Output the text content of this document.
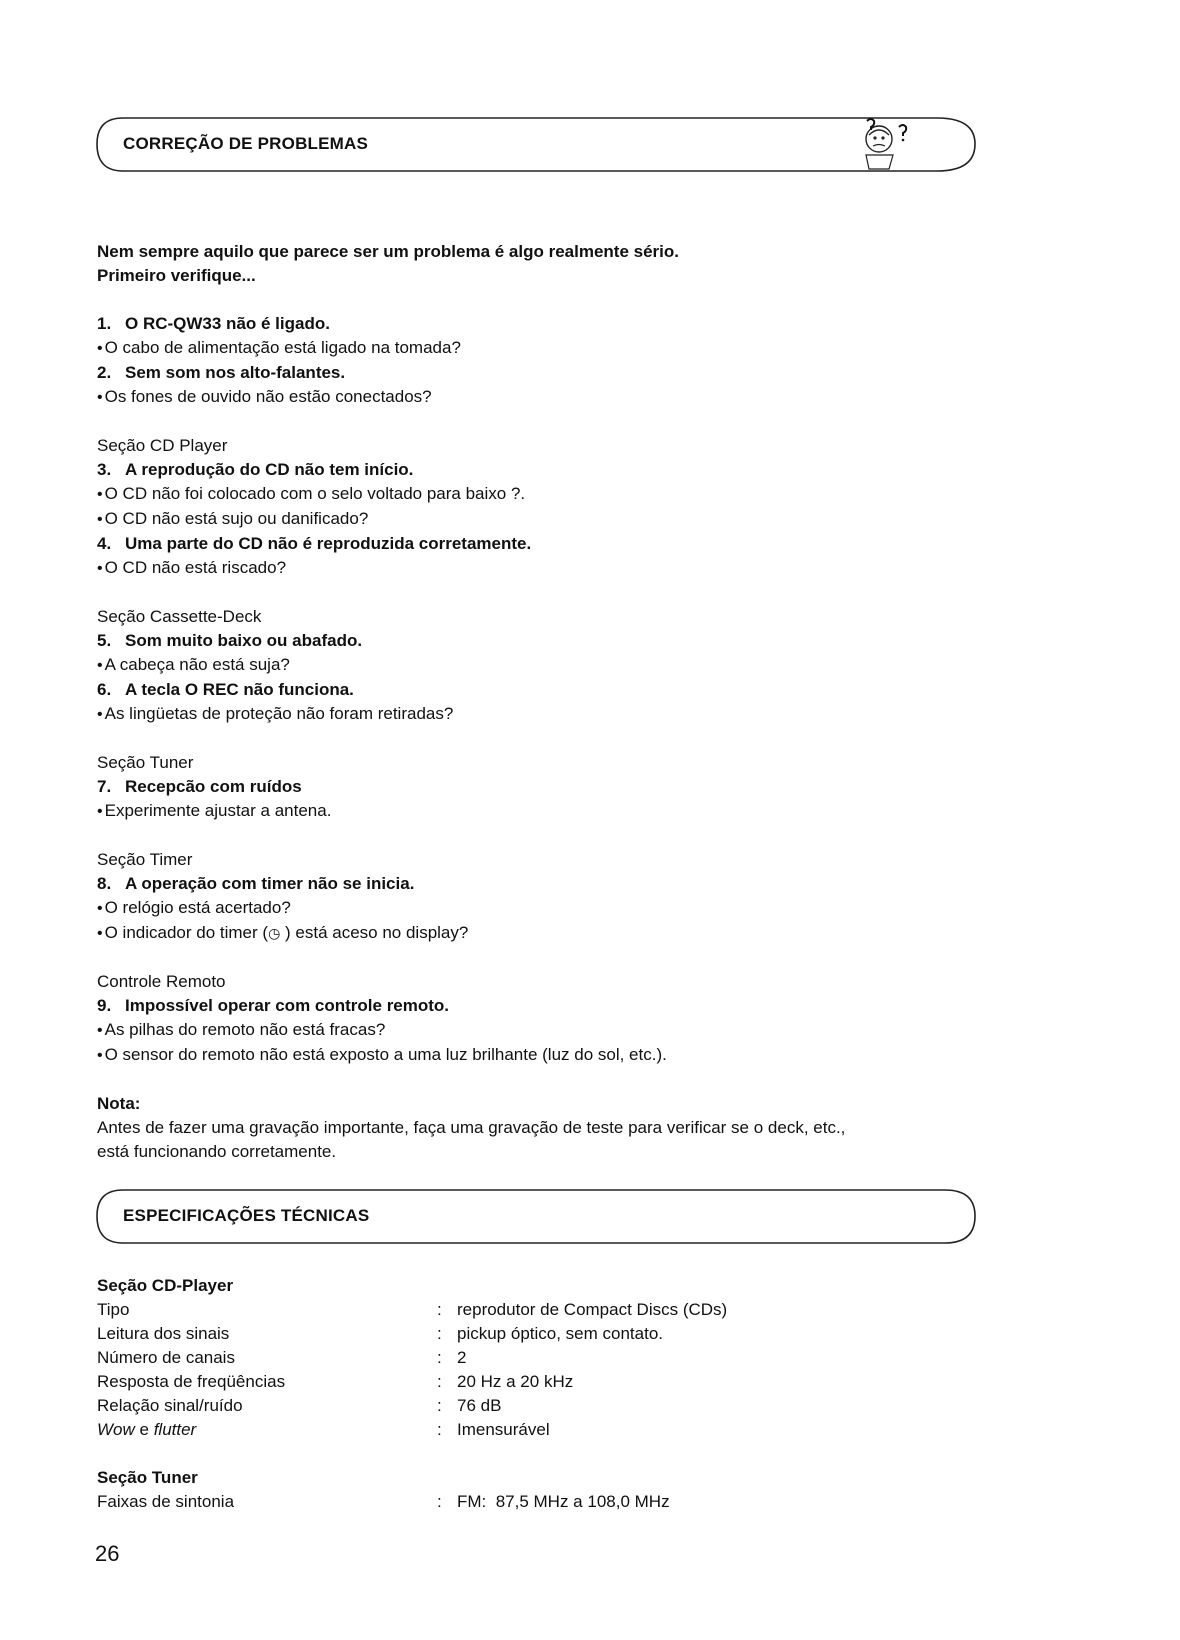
CORREÇÃO DE PROBLEMAS
Nem sempre aquilo que parece ser um problema é algo realmente sério.
Primeiro verifique...
1. O RC-QW33 não é ligado.
• O cabo de alimentação está ligado na tomada?
2. Sem som nos alto-falantes.
• Os fones de ouvido não estão conectados?
Seção CD Player
3. A reprodução do CD não tem início.
• O CD não foi colocado com o selo voltado para baixo ?.
• O CD não está sujo ou danificado?
4. Uma parte do CD não é reproduzida corretamente.
• O CD não está riscado?
Seção Cassette-Deck
5. Som muito baixo ou abafado.
• A cabeça não está suja?
6. A tecla O REC não funciona.
• As lingüetas de proteção não foram retiradas?
Seção Tuner
7. Recepcão com ruídos
• Experimente ajustar a antena.
Seção Timer
8. A operação com timer não se inicia.
• O relógio está acertado?
• O indicador do timer (◷ ) está aceso no display?
Controle Remoto
9. Impossível operar com controle remoto.
• As pilhas do remoto não está fracas?
• O sensor do remoto não está exposto a uma luz brilhante (luz do sol, etc.).
Nota:
Antes de fazer uma gravação importante, faça uma gravação de teste para verificar se o deck, etc.,
está funcionando corretamente.
ESPECIFICAÇÕES TÉCNICAS
Seção CD-Player
Tipo	: reprodutor de Compact Discs (CDs)
Leitura dos sinais	: pickup óptico, sem contato.
Número de canais	: 2
Resposta de freqüências	: 20 Hz a 20 kHz
Relação sinal/ruído	: 76 dB
Wow e flutter	: Imensurável
Seção Tuner
Faixas de sintonia	: FM:  87,5 MHz a 108,0 MHz
26
